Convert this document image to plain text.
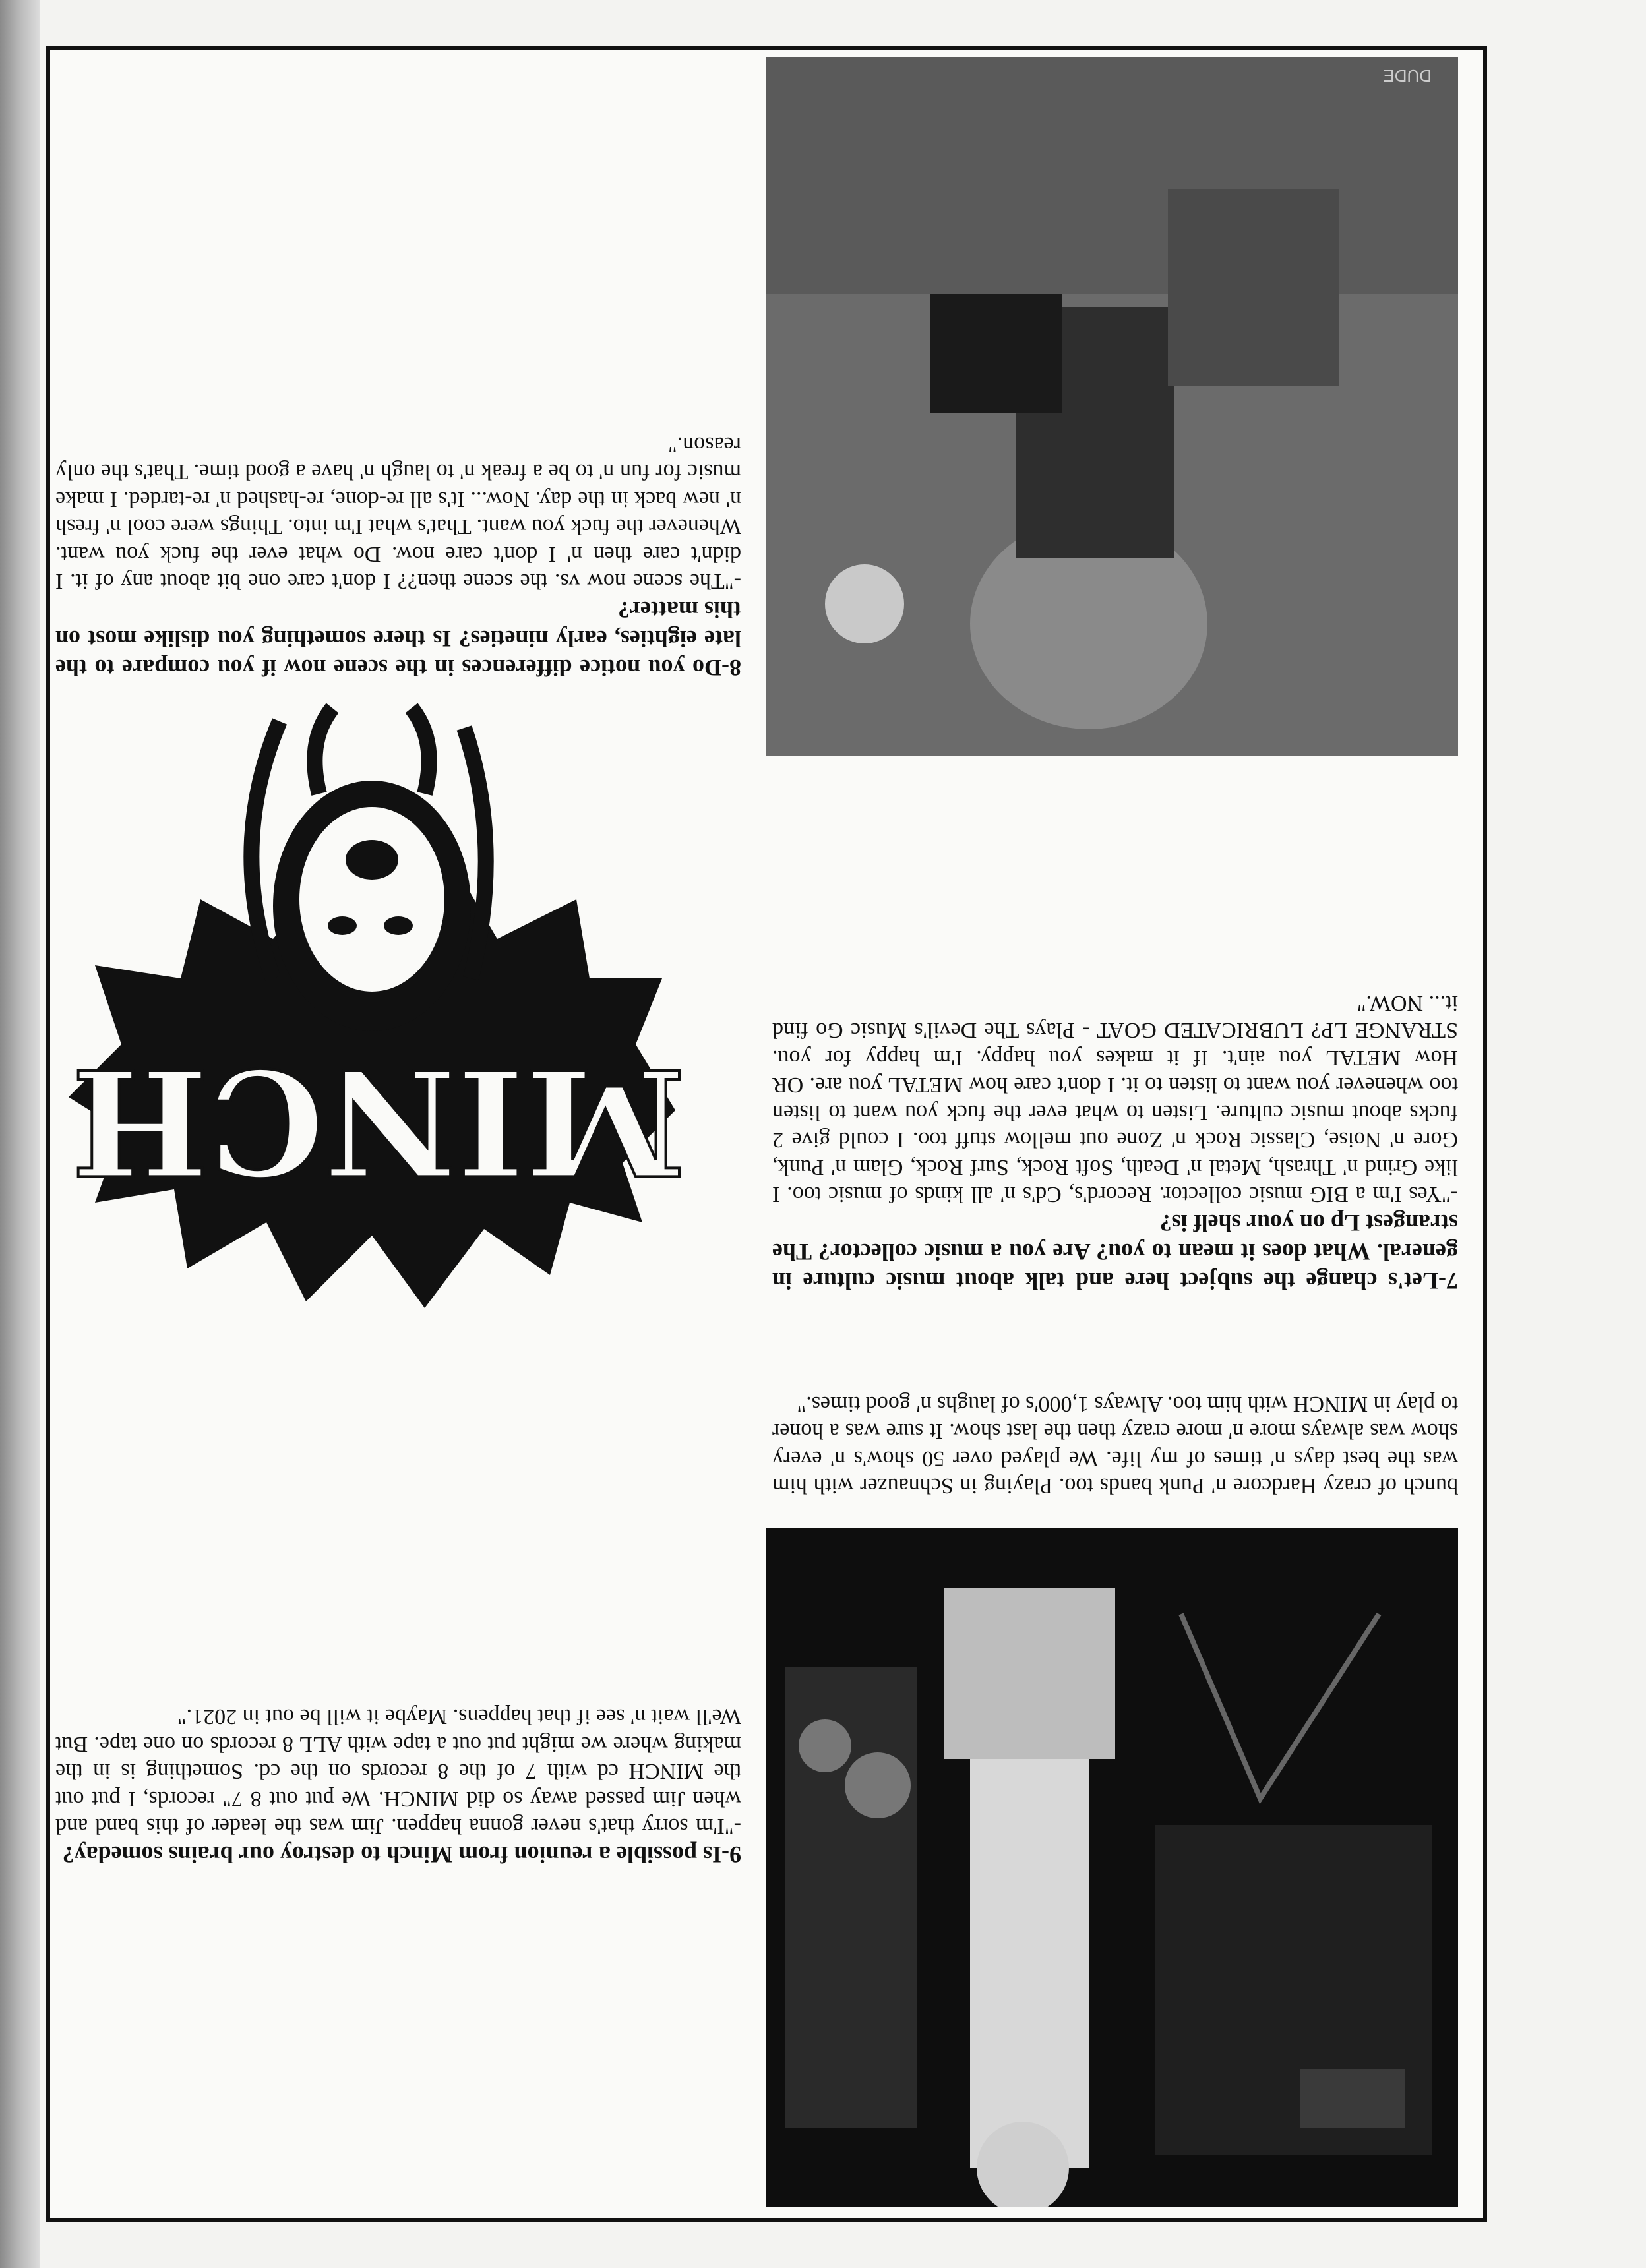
DUDE

9-Is possible a reunion from Minch to destroy our brains someday?

-"I'm sorry that's never gonna happen. Jim was the leader of this band and when Jim passed away so did MINCH. We put out 8 7" records, I put out the MINCH cd with 7 of the 8 records on the cd. Something is in the making where we might put out a tape with ALL 8 records on one tape. But We'll wait n' see if that happens. Maybe it will be out in 2021."

MINCH

8-Do you notice differences in the scene now if you compare to the late eighties, early nineties? Is there something you dislike most on this matter?

-"The scene now vs. the scene then?? I don't care one bit about any of it. I didn't care then n' I don't care now. Do what ever the fuck you want. Whenever the fuck you want. That's what I'm into. Things were cool n' fresh n' new back in the day. Now... It's all re-done, re-hashed n' re-tarded. I make music for fun n' to be a freak n' to laugh n' have a good time. That's the only reason."

bunch of crazy Hardcore n' Punk bands too. Playing in Schnauzer with him was the best days n' times of my life. We played over 50 show's n' every show was always more n' more crazy then the last show. It sure was a honer to play in MINCH with him too. Always 1,000's of laughs n' good times."

7-Let's change the subject here and talk about music culture in general. What does it mean to you? Are you a music collector? The strangest Lp on your shelf is?

-"Yes I'm a BIG music collector. Record's, Cd's n' all kinds of music too. I like Grind n' Thrash, Metal n' Death, Soft Rock, Surf Rock, Glam n' Punk, Gore n' Noise, Classic Rock n' Zone out mellow stuff too. I could give 2 fucks about music culture. Listen to what ever the fuck you want to listen too whenever you want to listen to it. I don't care how METAL you are. OR How METAL you ain't. If it makes you happy. I'm happy for you. STRANGE LP? LUBRICATED GOAT - Plays The Devil's Music Go find it... NOW."
